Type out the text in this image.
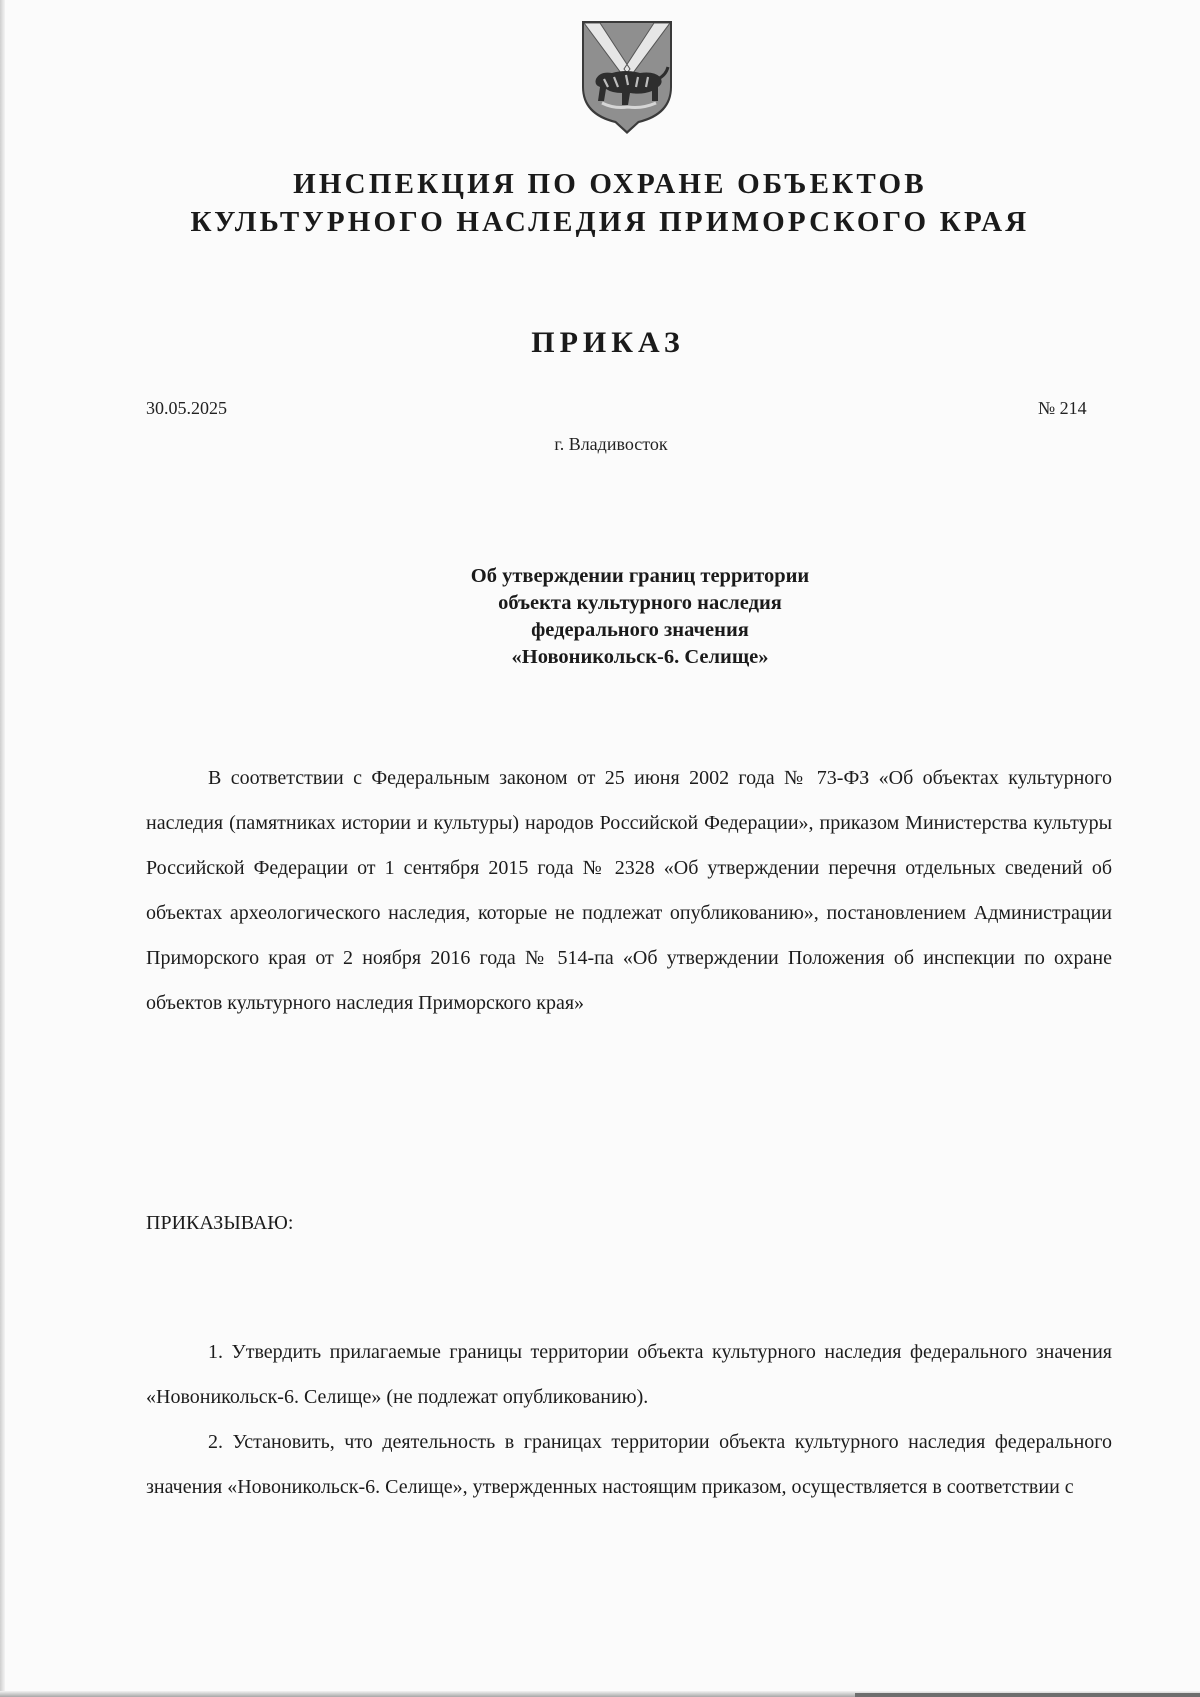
ИНСПЕКЦИЯ ПО ОХРАНЕ ОБЪЕКТОВ
КУЛЬТУРНОГО НАСЛЕДИЯ ПРИМОРСКОГО КРАЯ
ПРИКАЗ
30.05.2025	№ 214
г. Владивосток
Об утверждении границ территории
объекта культурного наследия
федерального значения
«Новоникольск-6. Селище»

В соответствии с Федеральным законом от 25 июня 2002 года № 73-ФЗ «Об объектах культурного наследия (памятниках истории и культуры) народов Российской Федерации», приказом Министерства культуры Российской Федерации от 1 сентября 2015 года № 2328 «Об утверждении перечня отдельных сведений об объектах археологического наследия, которые не подлежат опубликованию», постановлением Администрации Приморского края от 2 ноября 2016 года № 514-па «Об утверждении Положения об инспекции по охране объектов культурного наследия Приморского края»

ПРИКАЗЫВАЮ:

1. Утвердить прилагаемые границы территории объекта культурного наследия федерального значения «Новоникольск-6. Селище» (не подлежат опубликованию).

2. Установить, что деятельность в границах территории объекта культурного наследия федерального значения «Новоникольск-6. Селище», утвержденных настоящим приказом, осуществляется в соответствии с
